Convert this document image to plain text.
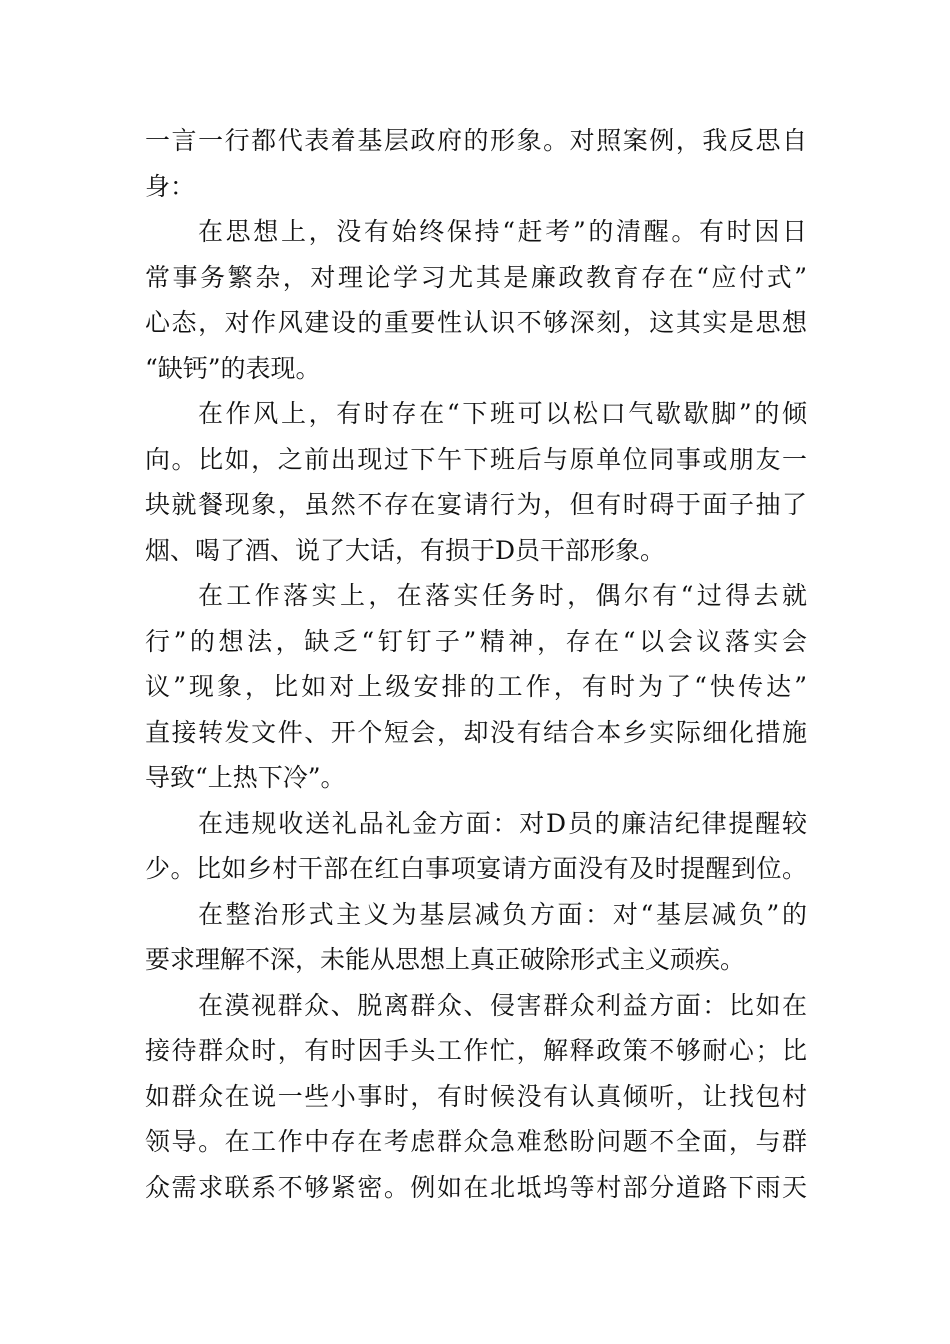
一言一行都代表着基层政府的形象。对照案例，我反思自
身：
在思想上，没有始终保持“赶考”的清醒。有时因日
常事务繁杂，对理论学习尤其是廉政教育存在“应付式”
心态，对作风建设的重要性认识不够深刻，这其实是思想
“缺钙”的表现。
在作风上，有时存在“下班可以松口气歇歇脚”的倾
向。比如，之前出现过下午下班后与原单位同事或朋友一
块就餐现象，虽然不存在宴请行为，但有时碍于面子抽了
烟、喝了酒、说了大话，有损于D员干部形象。
在工作落实上，在落实任务时，偶尔有“过得去就
行”的想法，缺乏“钉钉子”精神，存在“以会议落实会
议”现象，比如对上级安排的工作，有时为了“快传达”
直接转发文件、开个短会，却没有结合本乡实际细化措施
导致“上热下冷”。
在违规收送礼品礼金方面：对D员的廉洁纪律提醒较
少。比如乡村干部在红白事项宴请方面没有及时提醒到位。
在整治形式主义为基层减负方面：对“基层减负”的
要求理解不深，未能从思想上真正破除形式主义顽疾。
在漠视群众、脱离群众、侵害群众利益方面：比如在
接待群众时，有时因手头工作忙，解释政策不够耐心；比
如群众在说一些小事时，有时候没有认真倾听，让找包村
领导。在工作中存在考虑群众急难愁盼问题不全面，与群
众需求联系不够紧密。例如在北坻坞等村部分道路下雨天
